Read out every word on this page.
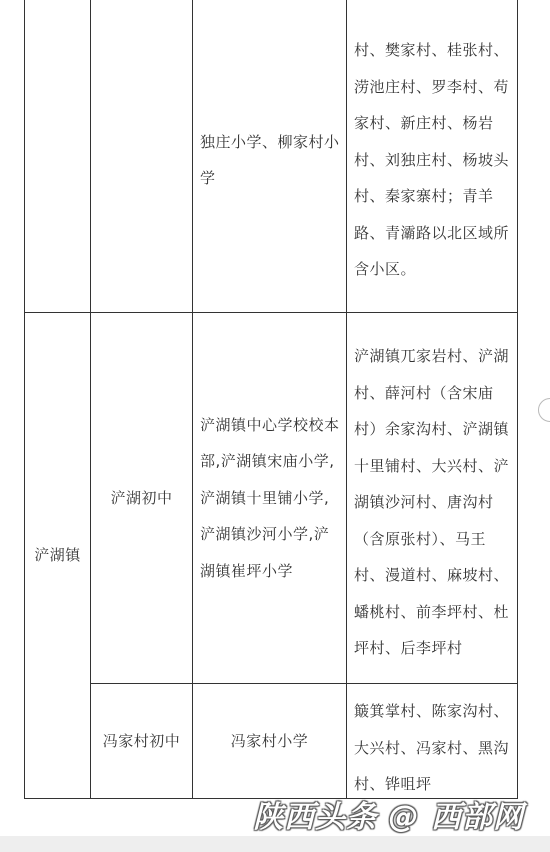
		独庄小学、柳家村小学	村、樊家村、桂张村、涝池庄村、罗李村、苟家村、新庄村、杨岩村、刘独庄村、杨坡头村、秦家寨村；青羊路、青灞路以北区域所含小区。

浐湖镇	浐湖初中	浐湖镇中心学校校本部,浐湖镇宋庙小学,浐湖镇十里铺小学,浐湖镇沙河小学,浐湖镇崔坪小学	浐湖镇兀家岩村、浐湖村、薛河村（含宋庙村）余家沟村、浐湖镇十里铺村、大兴村、浐湖镇沙河村、唐沟村（含原张村）、马王村、漫道村、麻坡村、蟠桃村、前李坪村、杜坪村、后李坪村

	冯家村初中	冯家村小学	簸箕掌村、陈家沟村、大兴村、冯家村、黑沟村、铧咀坪
陕西头条 @ 西部网
